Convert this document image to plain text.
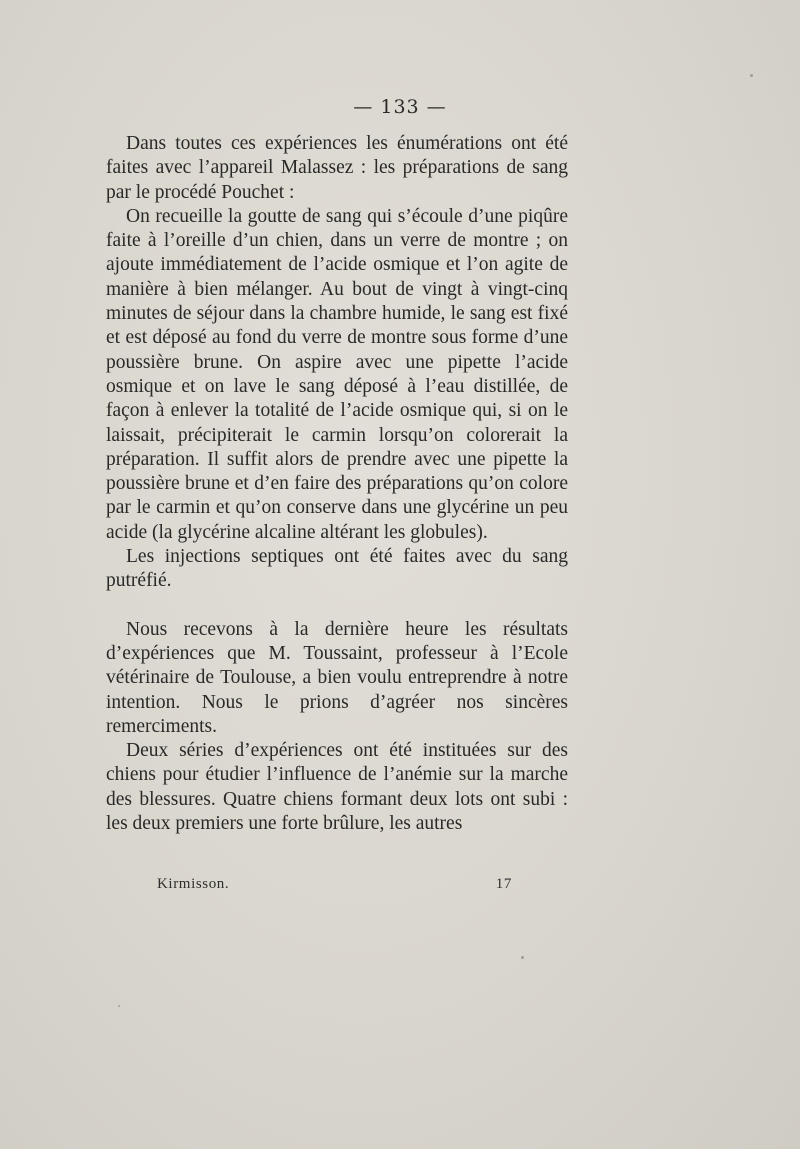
— 133 —

Dans toutes ces expériences les énumérations ont été faites avec l’appareil Malassez : les préparations de sang par le procédé Pouchet :

On recueille la goutte de sang qui s’écoule d’une piqûre faite à l’oreille d’un chien, dans un verre de montre ; on ajoute immédiatement de l’acide osmique et l’on agite de manière à bien mélanger. Au bout de vingt à vingt-cinq minutes de séjour dans la chambre humide, le sang est fixé et est déposé au fond du verre de montre sous forme d’une poussière brune. On aspire avec une pipette l’acide osmique et on lave le sang déposé à l’eau distillée, de façon à enlever la totalité de l’acide osmique qui, si on le laissait, précipiterait le carmin lorsqu’on colorerait la préparation. Il suffit alors de prendre avec une pipette la poussière brune et d’en faire des préparations qu’on colore par le carmin et qu’on conserve dans une glycérine un peu acide (la glycérine alcaline altérant les globules).

Les injections septiques ont été faites avec du sang putréfié.

Nous recevons à la dernière heure les résultats d’expériences que M. Toussaint, professeur à l’Ecole vétérinaire de Toulouse, a bien voulu entreprendre à notre intention. Nous le prions d’agréer nos sincères remerciments.

Deux séries d’expériences ont été instituées sur des chiens pour étudier l’influence de l’anémie sur la marche des blessures. Quatre chiens formant deux lots ont subi : les deux premiers une forte brûlure, les autres

Kirmisson.	17
